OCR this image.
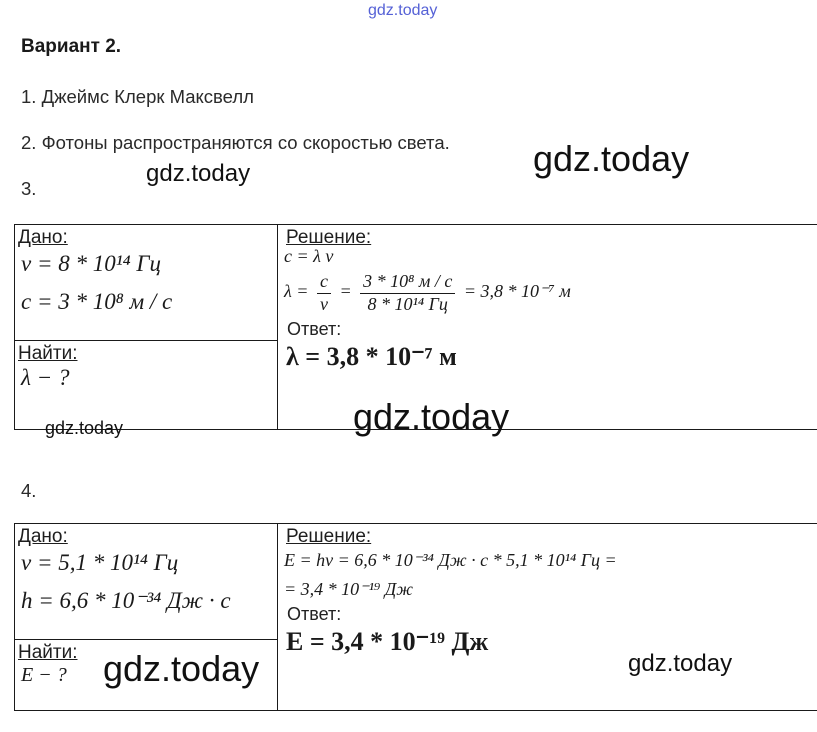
gdz.today
Вариант 2.
1. Джеймс Клерк Максвелл
2. Фотоны распространяются со скоростью света. gdz.today
3.
gdz.today
Дано:
ν = 8 * 10¹⁴ Гц
c = 3 * 10⁸ м / с

Решение:
c = λ ν
$\lambda = \frac{c}{\nu} = \frac{\text{3 * 10⁸ м / с}}{\text{8 * 10¹⁴ Гц}} = 3,8 * 10^{-7}$ м
Ответ:
λ = 3,8 * 10⁻⁷ м

Найти:
λ − ?
gdz.today
gdz.today
4.
Дано:
ν = 5,1 * 10¹⁴ Гц
h = 6,6 * 10⁻³⁴ Дж · с

Решение:
E = hν = 6,6 * 10⁻³⁴ Дж · с * 5,1 * 10¹⁴ Гц =
= 3,4 * 10⁻¹⁹ Дж
Ответ:
E = 3,4 * 10⁻¹⁹ Дж

Найти:
E − ?	gdz.today	gdz.today
